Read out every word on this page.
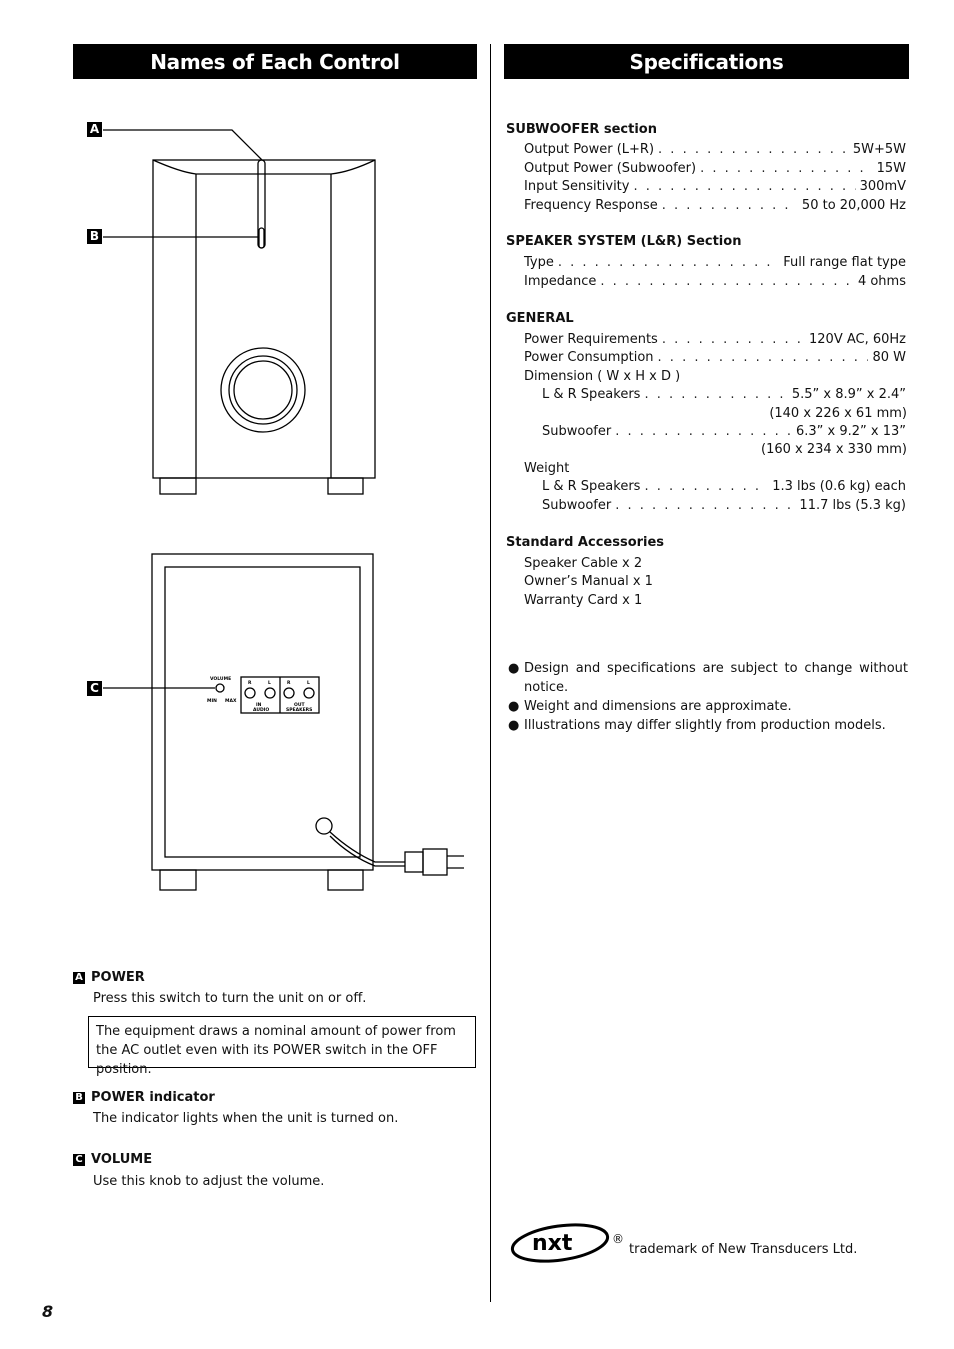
Names of Each Control	Specifications
VOLUME
MIN MAX
R	L	R	L
IN
AUDIO
OUT
SPEAKERS
A
B
C
A POWER
Press this switch to turn the unit on or off.
The equipment draws a nominal amount of power from the AC outlet even with its POWER switch in the OFF position.
B POWER indicator
The indicator lights when the unit is turned on.
C VOLUME
Use this knob to adjust the volume.
SUBWOOFER section
Output Power (L+R) . . .	5W+5W
Output Power (Subwoofer) . . .	15W
Input Sensitivity . . .	300mV
Frequency Response . . .	50 to 20,000 Hz
SPEAKER SYSTEM (L&R) Section
Type . . .	Full range flat type
Impedance . . .	4 ohms
GENERAL
Power Requirements . . .	120V AC, 60Hz
Power Consumption . . .	80 W
Dimension ( W x H x D )
L & R Speakers . . .	5.5” x 8.9” x 2.4”
(140 x 226 x 61 mm)
Subwoofer . . .	6.3” x 9.2” x 13”
(160 x 234 x 330 mm)
Weight
L & R Speakers . . .	1.3 lbs (0.6 kg) each
Subwoofer . . .	11.7 lbs (5.3 kg)
Standard Accessories
Speaker Cable x 2
Owner’s Manual x 1
Warranty Card x 1
● Design and specifications are subject to change without notice.
● Weight and dimensions are approximate.
● Illustrations may differ slightly from production models.
nxt	®
trademark of New Transducers Ltd.
8
